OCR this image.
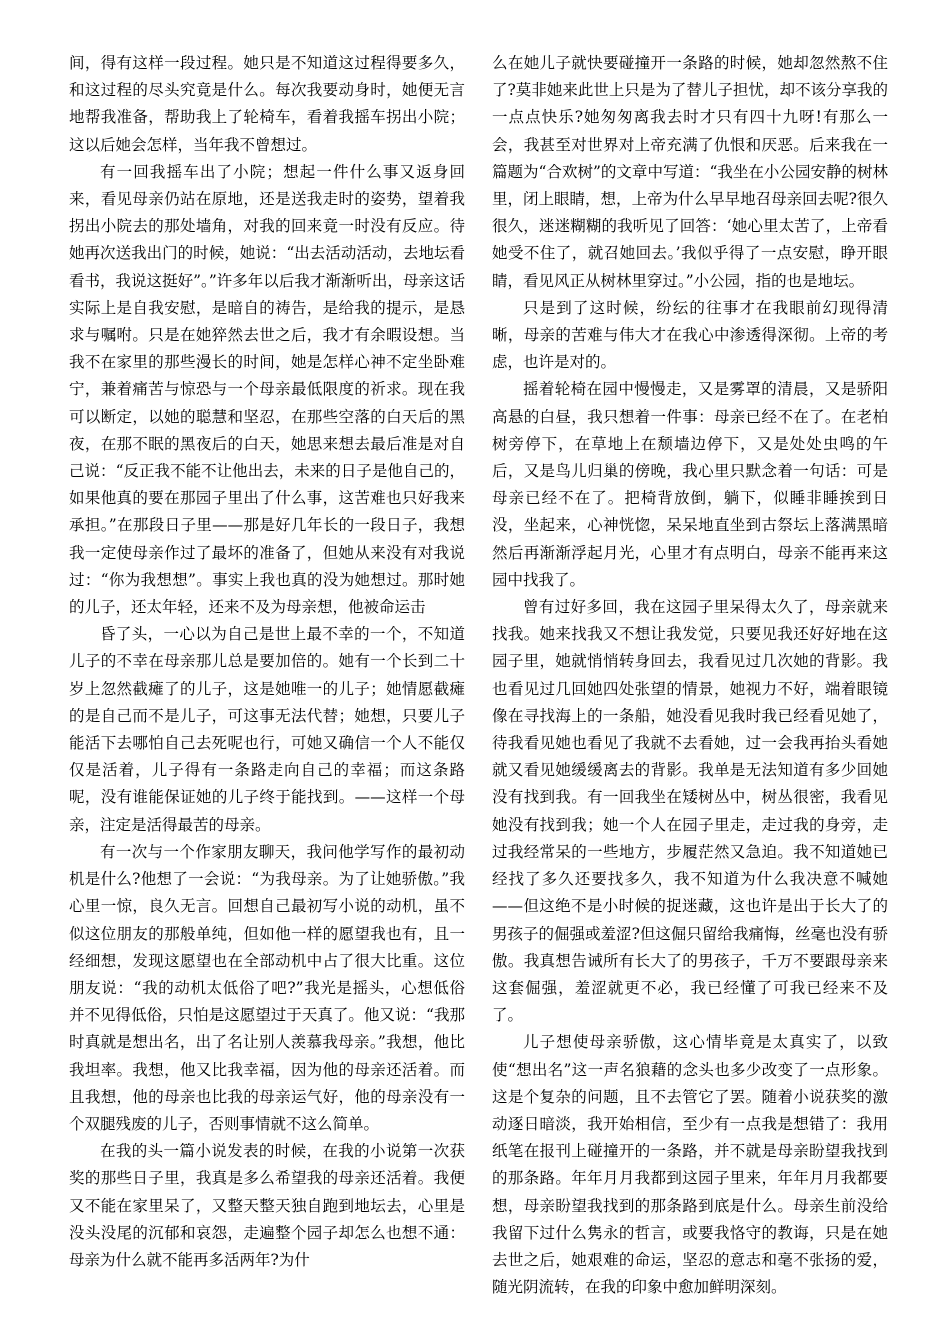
间，得有这样一段过程。她只是不知道这过程得要多久，和这过程的尽头究竟是什么。每次我要动身时，她便无言地帮我准备，帮助我上了轮椅车，看着我摇车拐出小院；这以后她会怎样，当年我不曾想过。

有一回我摇车出了小院；想起一件什么事又返身回来，看见母亲仍站在原地，还是送我走时的姿势，望着我拐出小院去的那处墙角，对我的回来竟一时没有反应。待她再次送我出门的时候，她说：“出去活动活动，去地坛看看书，我说这挺好”。”许多年以后我才渐渐听出，母亲这话实际上是自我安慰，是暗自的祷告，是给我的提示，是恳求与嘱咐。只是在她猝然去世之后，我才有余暇设想。当我不在家里的那些漫长的时间，她是怎样心神不定坐卧难宁，兼着痛苦与惊恐与一个母亲最低限度的祈求。现在我可以断定，以她的聪慧和坚忍，在那些空落的白天后的黑夜，在那不眠的黑夜后的白天，她思来想去最后准是对自己说：“反正我不能不让他出去，未来的日子是他自己的，如果他真的要在那园子里出了什么事，这苦难也只好我来承担。”在那段日子里——那是好几年长的一段日子，我想我一定使母亲作过了最坏的准备了，但她从来没有对我说过：“你为我想想”。事实上我也真的没为她想过。那时她的儿子，还太年轻，还来不及为母亲想，他被命运击

昏了头，一心以为自己是世上最不幸的一个，不知道儿子的不幸在母亲那儿总是要加倍的。她有一个长到二十岁上忽然截瘫了的儿子，这是她唯一的儿子；她情愿截瘫的是自己而不是儿子，可这事无法代替；她想，只要儿子能活下去哪怕自己去死呢也行，可她又确信一个人不能仅仅是活着，儿子得有一条路走向自己的幸福；而这条路呢，没有谁能保证她的儿子终于能找到。——这样一个母亲，注定是活得最苦的母亲。

有一次与一个作家朋友聊天，我问他学写作的最初动机是什么?他想了一会说：“为我母亲。为了让她骄傲。”我心里一惊，良久无言。回想自己最初写小说的动机，虽不似这位朋友的那般单纯，但如他一样的愿望我也有，且一经细想，发现这愿望也在全部动机中占了很大比重。这位朋友说：“我的动机太低俗了吧?”我光是摇头，心想低俗并不见得低俗，只怕是这愿望过于天真了。他又说：“我那时真就是想出名，出了名让别人羡慕我母亲。”我想，他比我坦率。我想，他又比我幸福，因为他的母亲还活着。而且我想，他的母亲也比我的母亲运气好，他的母亲没有一个双腿残废的儿子，否则事情就不这么简单。

在我的头一篇小说发表的时候，在我的小说第一次获奖的那些日子里，我真是多么希望我的母亲还活着。我便又不能在家里呆了，又整天整天独自跑到地坛去，心里是没头没尾的沉郁和哀怨，走遍整个园子却怎么也想不通：母亲为什么就不能再多活两年?为什

么在她儿子就快要碰撞开一条路的时候，她却忽然熬不住了?莫非她来此世上只是为了替儿子担忧，却不该分享我的一点点快乐?她匆匆离我去时才只有四十九呀!有那么一会，我甚至对世界对上帝充满了仇恨和厌恶。后来我在一篇题为“合欢树”的文章中写道：“我坐在小公园安静的树林里，闭上眼睛，想，上帝为什么早早地召母亲回去呢?很久很久，迷迷糊糊的我听见了回答：‘她心里太苦了，上帝看她受不住了，就召她回去。’我似乎得了一点安慰，睁开眼睛，看见风正从树林里穿过。”小公园，指的也是地坛。

只是到了这时候，纷纭的往事才在我眼前幻现得清晰，母亲的苦难与伟大才在我心中渗透得深彻。上帝的考虑，也许是对的。

摇着轮椅在园中慢慢走，又是雾罩的清晨，又是骄阳高悬的白昼，我只想着一件事：母亲已经不在了。在老柏树旁停下，在草地上在颓墙边停下，又是处处虫鸣的午后，又是鸟儿归巢的傍晚，我心里只默念着一句话：可是母亲已经不在了。把椅背放倒，躺下，似睡非睡挨到日没，坐起来，心神恍惚，呆呆地直坐到古祭坛上落满黑暗然后再渐渐浮起月光，心里才有点明白，母亲不能再来这园中找我了。

曾有过好多回，我在这园子里呆得太久了，母亲就来找我。她来找我又不想让我发觉，只要见我还好好地在这园子里，她就悄悄转身回去，我看见过几次她的背影。我也看见过几回她四处张望的情景，她视力不好，端着眼镜像在寻找海上的一条船，她没看见我时我已经看见她了，待我看见她也看见了我就不去看她，过一会我再抬头看她就又看见她缓缓离去的背影。我单是无法知道有多少回她没有找到我。有一回我坐在矮树丛中，树丛很密，我看见她没有找到我；她一个人在园子里走，走过我的身旁，走过我经常呆的一些地方，步履茫然又急迫。我不知道她已经找了多久还要找多久，我不知道为什么我决意不喊她——但这绝不是小时候的捉迷藏，这也许是出于长大了的男孩子的倔强或羞涩?但这倔只留给我痛悔，丝毫也没有骄傲。我真想告诫所有长大了的男孩子，千万不要跟母亲来这套倔强，羞涩就更不必，我已经懂了可我已经来不及了。

儿子想使母亲骄傲，这心情毕竟是太真实了，以致使“想出名”这一声名狼藉的念头也多少改变了一点形象。这是个复杂的问题，且不去管它了罢。随着小说获奖的激动逐日暗淡，我开始相信，至少有一点我是想错了：我用纸笔在报刊上碰撞开的一条路，并不就是母亲盼望我找到的那条路。年年月月我都到这园子里来，年年月月我都要想，母亲盼望我找到的那条路到底是什么。母亲生前没给我留下过什么隽永的哲言，或要我恪守的教诲，只是在她去世之后，她艰难的命运，坚忍的意志和毫不张扬的爱，随光阴流转，在我的印象中愈加鲜明深刻。
